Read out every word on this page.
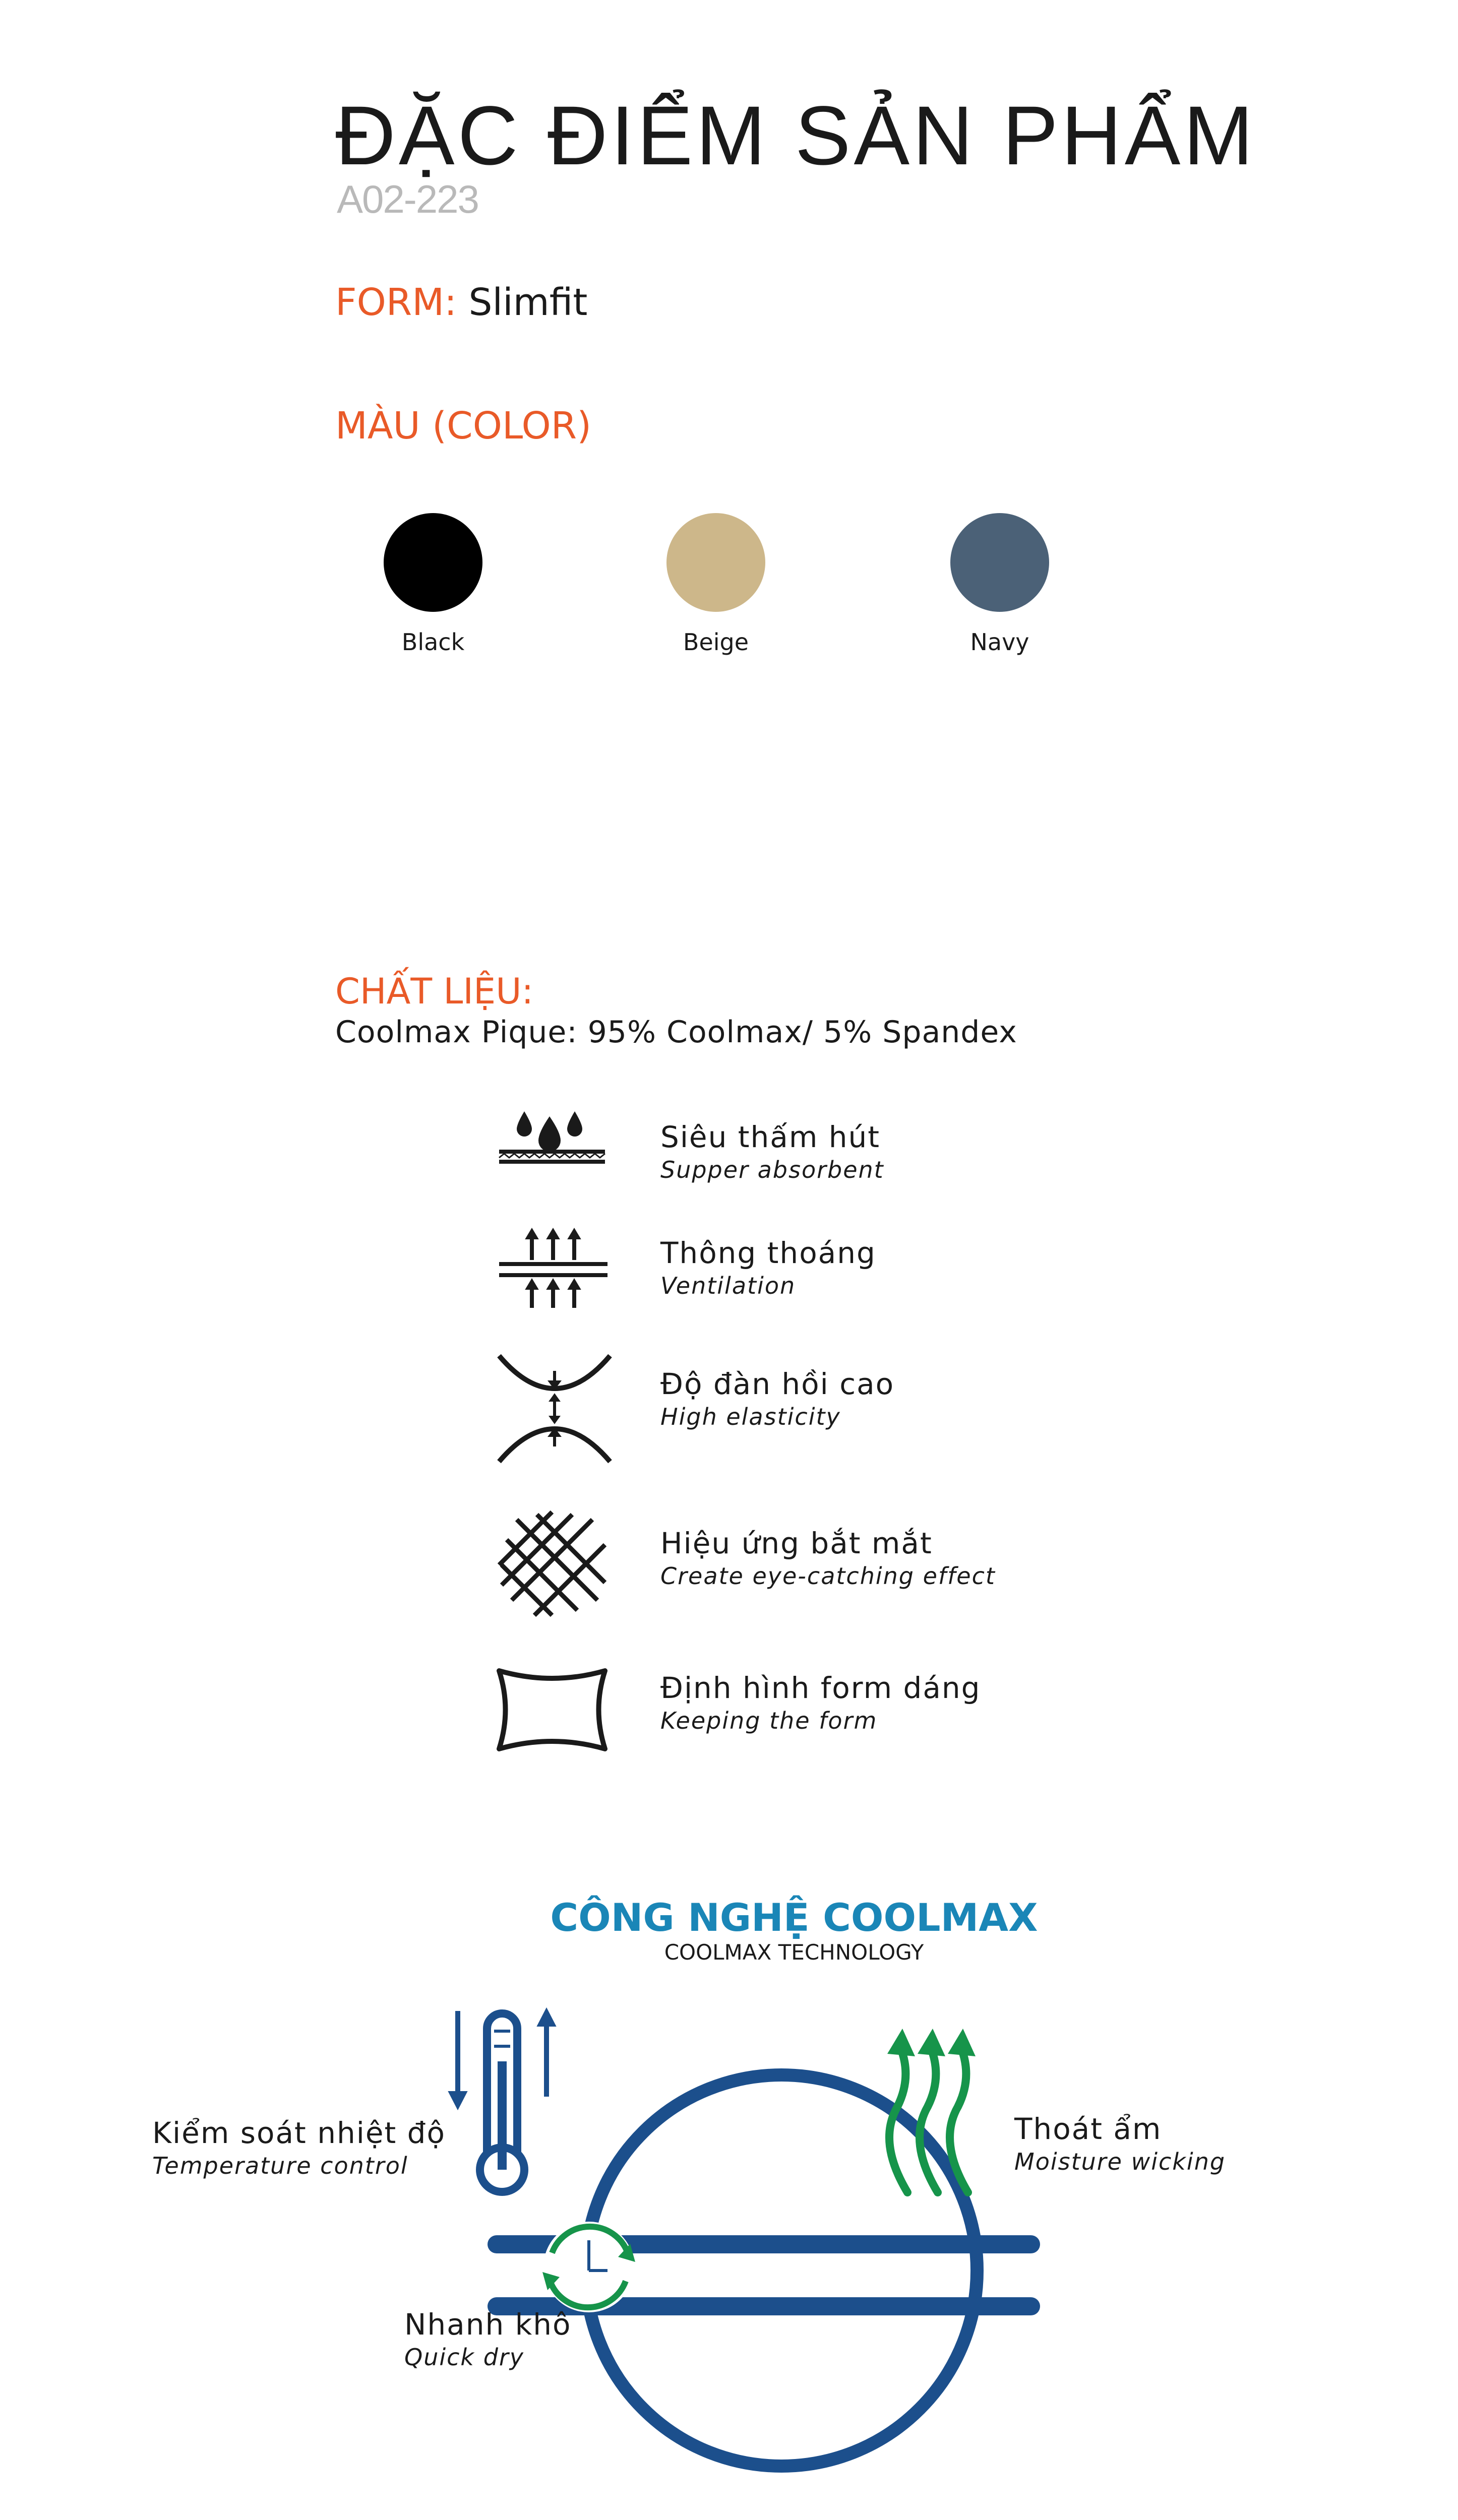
ĐẶC ĐIỂM SẢN PHẨM
A02-223
FORM: Slimfit
MÀU (COLOR)
Black	Beige	Navy
CHẤT LIỆU:
Coolmax Pique: 95% Coolmax/ 5% Spandex
Siêu thấm hút
Supper absorbent
Thông thoáng
Ventilation
Độ đàn hồi cao
High elasticity
Hiệu ứng bắt mắt
Create eye-catching effect
Định hình form dáng
Keeping the form
CÔNG NGHỆ COOLMAX
COOLMAX TECHNOLOGY
Kiểm soát nhiệt độ
Temperature control
Thoát ẩm
Moisture wicking
Nhanh khô
Quick dry
